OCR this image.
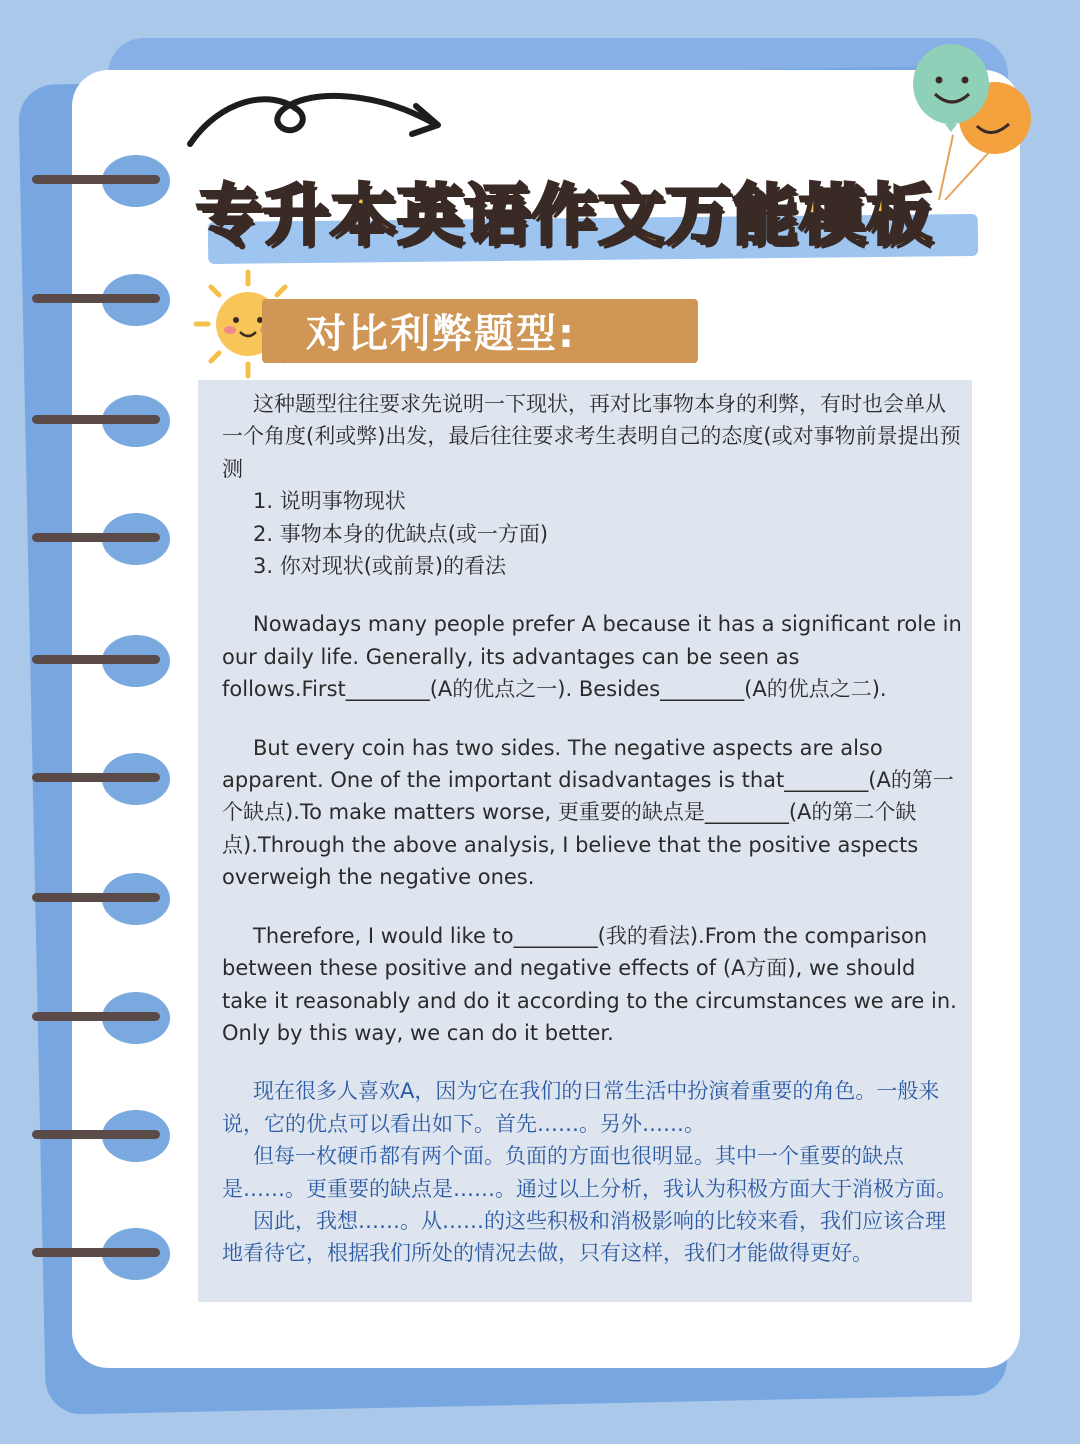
专升本英语作文万能模板
对比利弊题型:

这种题型往往要求先说明一下现状，再对比事物本身的利弊，有时也会单从一个角度(利或弊)出发，最后往往要求考生表明自己的态度(或对事物前景提出预测

1. 说明事物现状

2. 事物本身的优缺点(或一方面)

3. 你对现状(或前景)的看法

Nowadays many people prefer A because it has a significant role in our daily life. Generally, its advantages can be seen as follows.First________(A的优点之一). Besides________(A的优点之二).

But every coin has two sides. The negative aspects are also apparent. One of the important disadvantages is that________(A的第一个缺点).To make matters worse, 更重要的缺点是________(A的第二个缺点).Through the above analysis, I believe that the positive aspects overweigh the negative ones.

Therefore, I would like to________(我的看法).From the comparison between these positive and negative effects of (A方面), we should take it reasonably and do it according to the circumstances we are in. Only by this way, we can do it better.

现在很多人喜欢A，因为它在我们的日常生活中扮演着重要的角色。一般来说，它的优点可以看出如下。首先……。另外……。

但每一枚硬币都有两个面。负面的方面也很明显。其中一个重要的缺点是……。更重要的缺点是……。通过以上分析，我认为积极方面大于消极方面。

因此，我想……。从……的这些积极和消极影响的比较来看，我们应该合理地看待它，根据我们所处的情况去做，只有这样，我们才能做得更好。
